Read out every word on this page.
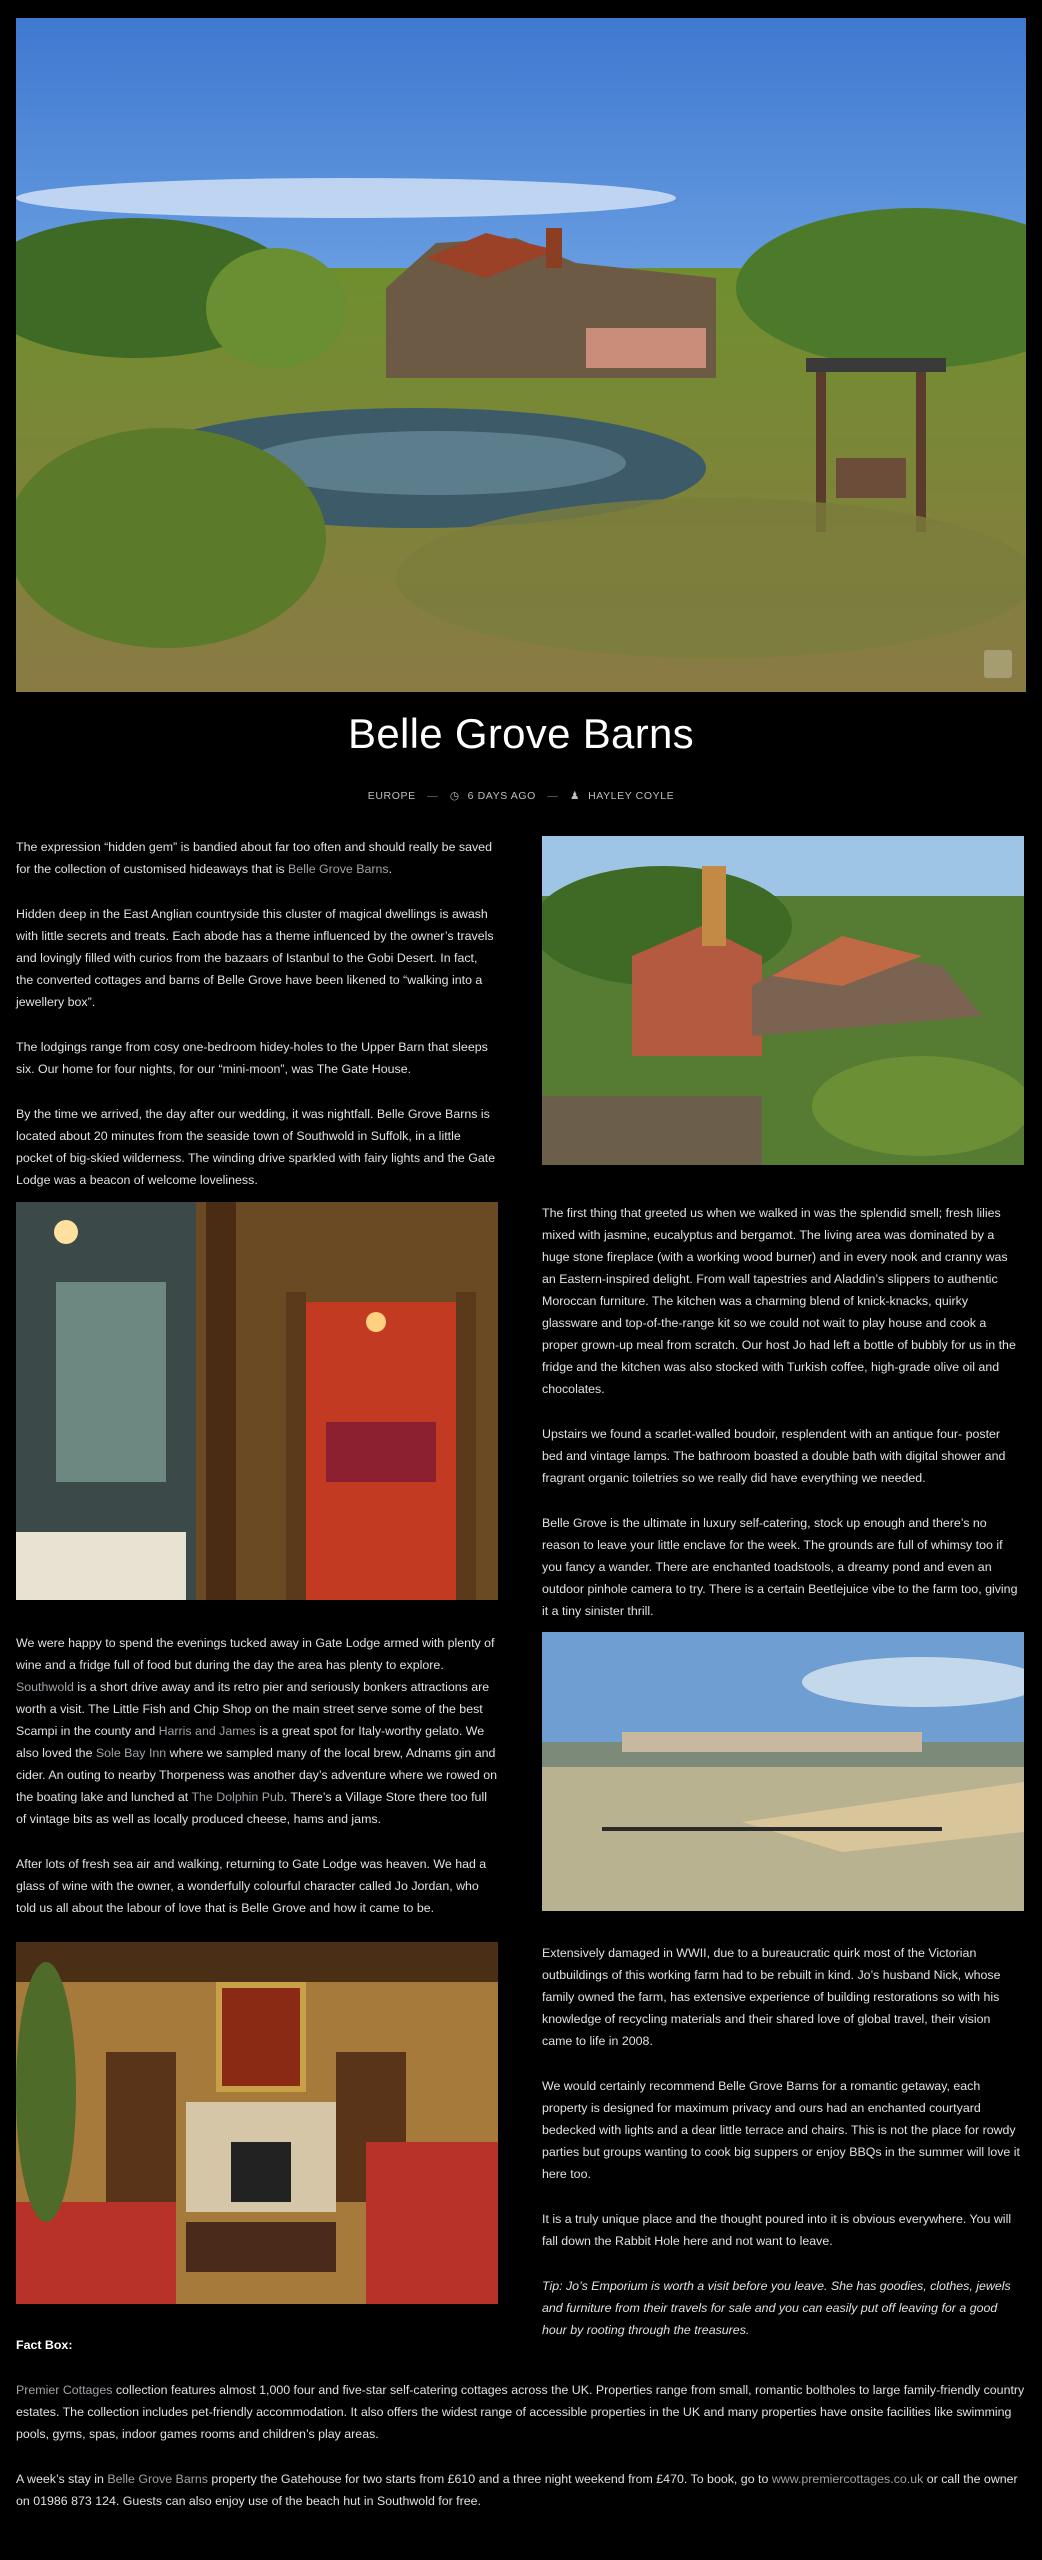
Belle Grove Barns
EUROPE — ◷ 6 DAYS AGO — ♟ HAYLEY COYLE

The expression “hidden gem” is bandied about far too often and should really be saved for the collection of customised hideaways that is Belle Grove Barns.

Hidden deep in the East Anglian countryside this cluster of magical dwellings is awash with little secrets and treats. Each abode has a theme influenced by the owner’s travels and lovingly filled with curios from the bazaars of Istanbul to the Gobi Desert. In fact, the converted cottages and barns of Belle Grove have been likened to “walking into a jewellery box”.

The lodgings range from cosy one-bedroom hidey-holes to the Upper Barn that sleeps six. Our home for four nights, for our “mini-moon”, was The Gate House.

By the time we arrived, the day after our wedding, it was nightfall. Belle Grove Barns is located about 20 minutes from the seaside town of Southwold in Suffolk, in a little pocket of big-skied wilderness. The winding drive sparkled with fairy lights and the Gate Lodge was a beacon of welcome loveliness.

The first thing that greeted us when we walked in was the splendid smell; fresh lilies mixed with jasmine, eucalyptus and bergamot. The living area was dominated by a huge stone fireplace (with a working wood burner) and in every nook and cranny was an Eastern-inspired delight. From wall tapestries and Aladdin’s slippers to authentic Moroccan furniture. The kitchen was a charming blend of knick-knacks, quirky glassware and top-of-the-range kit so we could not wait to play house and cook a proper grown-up meal from scratch. Our host Jo had left a bottle of bubbly for us in the fridge and the kitchen was also stocked with Turkish coffee, high-grade olive oil and chocolates.

Upstairs we found a scarlet-walled boudoir, resplendent with an antique four- poster bed and vintage lamps. The bathroom boasted a double bath with digital shower and fragrant organic toiletries so we really did have everything we needed.

Belle Grove is the ultimate in luxury self-catering, stock up enough and there’s no reason to leave your little enclave for the week. The grounds are full of whimsy too if you fancy a wander. There are enchanted toadstools, a dreamy pond and even an outdoor pinhole camera to try. There is a certain Beetlejuice vibe to the farm too, giving it a tiny sinister thrill.

We were happy to spend the evenings tucked away in Gate Lodge armed with plenty of wine and a fridge full of food but during the day the area has plenty to explore. Southwold is a short drive away and its retro pier and seriously bonkers attractions are worth a visit. The Little Fish and Chip Shop on the main street serve some of the best Scampi in the county and Harris and James is a great spot for Italy-worthy gelato. We also loved the Sole Bay Inn where we sampled many of the local brew, Adnams gin and cider. An outing to nearby Thorpeness was another day’s adventure where we rowed on the boating lake and lunched at The Dolphin Pub. There’s a Village Store there too full of vintage bits as well as locally produced cheese, hams and jams.

After lots of fresh sea air and walking, returning to Gate Lodge was heaven. We had a glass of wine with the owner, a wonderfully colourful character called Jo Jordan, who told us all about the labour of love that is Belle Grove and how it came to be.

Extensively damaged in WWII, due to a bureaucratic quirk most of the Victorian outbuildings of this working farm had to be rebuilt in kind. Jo’s husband Nick, whose family owned the farm, has extensive experience of building restorations so with his knowledge of recycling materials and their shared love of global travel, their vision came to life in 2008.

We would certainly recommend Belle Grove Barns for a romantic getaway, each property is designed for maximum privacy and ours had an enchanted courtyard bedecked with lights and a dear little terrace and chairs. This is not the place for rowdy parties but groups wanting to cook big suppers or enjoy BBQs in the summer will love it here too.

It is a truly unique place and the thought poured into it is obvious everywhere. You will fall down the Rabbit Hole here and not want to leave.

Tip: Jo’s Emporium is worth a visit before you leave. She has goodies, clothes, jewels and furniture from their travels for sale and you can easily put off leaving for a good hour by rooting through the treasures.

Fact Box:

Premier Cottages collection features almost 1,000 four and five-star self-catering cottages across the UK. Properties range from small, romantic boltholes to large family-friendly country estates. The collection includes pet-friendly accommodation. It also offers the widest range of accessible properties in the UK and many properties have onsite facilities like swimming pools, gyms, spas, indoor games rooms and children’s play areas.

A week’s stay in Belle Grove Barns property the Gatehouse for two starts from £610 and a three night weekend from £470. To book, go to www.premiercottages.co.uk or call the owner on 01986 873 124. Guests can also enjoy use of the beach hut in Southwold for free.
